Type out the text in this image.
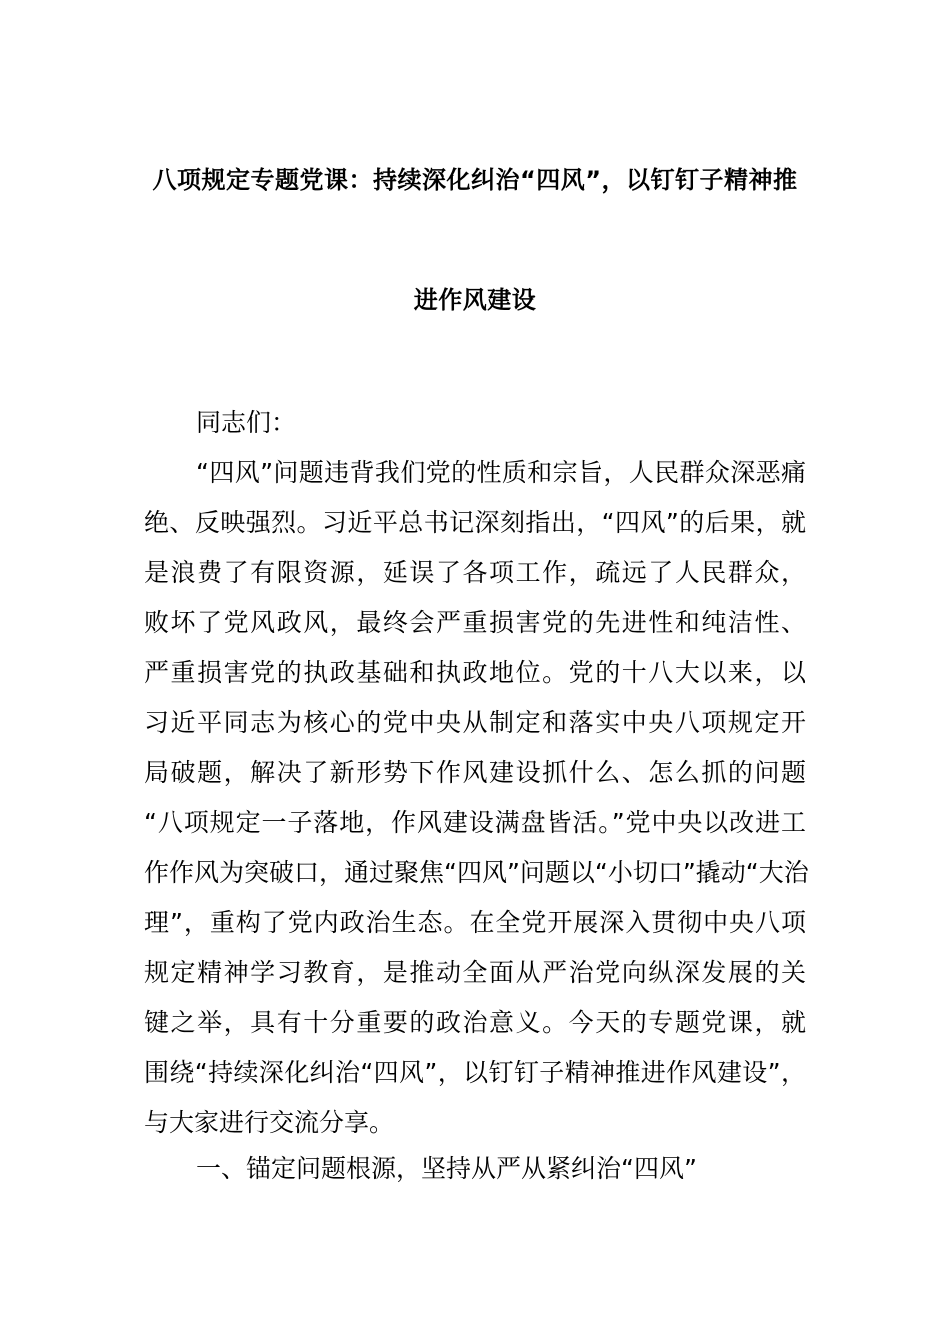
八项规定专题党课：持续深化纠治“四风”，以钉钉子精神推
进作风建设
同志们：
“四风”问题违背我们党的性质和宗旨，人民群众深恶痛
绝、反映强烈。习近平总书记深刻指出，“四风”的后果，就
是浪费了有限资源，延误了各项工作，疏远了人民群众，
败坏了党风政风，最终会严重损害党的先进性和纯洁性、
严重损害党的执政基础和执政地位。党的十八大以来，以
习近平同志为核心的党中央从制定和落实中央八项规定开
局破题，解决了新形势下作风建设抓什么、怎么抓的问题
“八项规定一子落地，作风建设满盘皆活。”党中央以改进工
作作风为突破口，通过聚焦“四风”问题以“小切口”撬动“大治
理”，重构了党内政治生态。在全党开展深入贯彻中央八项
规定精神学习教育，是推动全面从严治党向纵深发展的关
键之举，具有十分重要的政治意义。今天的专题党课，就
围绕“持续深化纠治“四风”，以钉钉子精神推进作风建设”，
与大家进行交流分享。
一、锚定问题根源，坚持从严从紧纠治“四风”
